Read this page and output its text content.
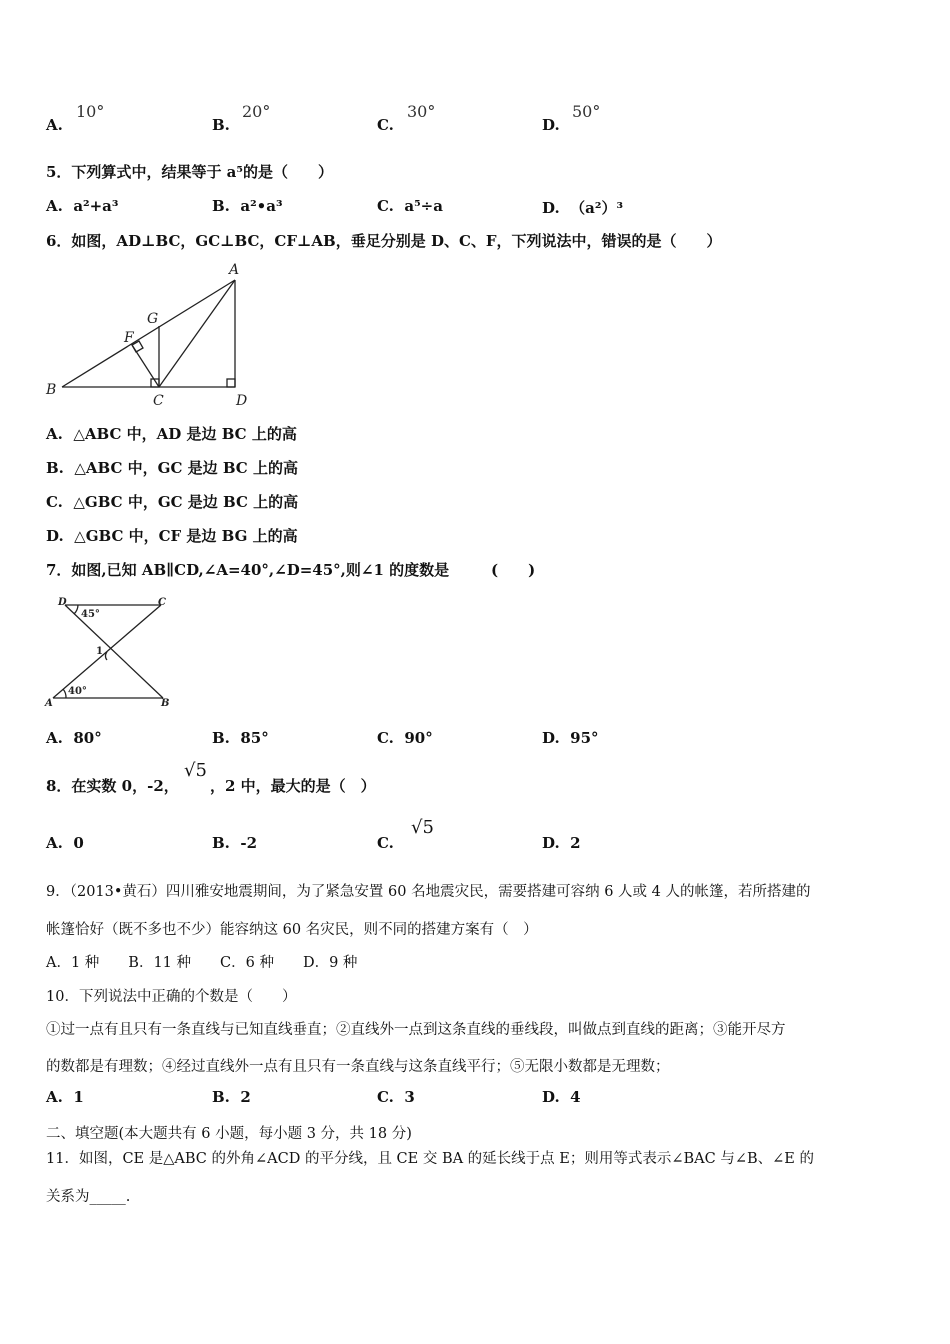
A.
10°
B.
20°
C.
30°
D.
50°
5．下列算式中，结果等于 a⁵的是（　　）
A. a²+a³	B. a²•a³	C. a⁵÷a	D. （a²）³
6．如图，AD⊥BC，GC⊥BC，CF⊥AB，垂足分别是 D、C、F，下列说法中，错误的是（　　）
A
B
C	D
F
G
A. △ABC 中，AD 是边 BC 上的高
B. △ABC 中，GC 是边 BC 上的高
C. △GBC 中，GC 是边 BC 上的高
D. △GBC 中，CF 是边 BG 上的高
7．如图,已知 AB∥CD,∠A=40°,∠D=45°,则∠1 的度数是	(　　)
D	C
A	B
45°
40°
1
A. 80°	B. 85°	C. 90°	D. 95°
8．在实数 0，-2，
√5
，2 中，最大的是（　）
A. 0	B. -2	C.
√5
D. 2
9．（2013•黄石）四川雅安地震期间，为了紧急安置 60 名地震灾民，需要搭建可容纳 6 人或 4 人的帐篷，若所搭建的
帐篷恰好（既不多也不少）能容纳这 60 名灾民，则不同的搭建方案有（　）
A．1 种　　B．11 种　　C．6 种　　D．9 种
10．下列说法中正确的个数是（　　）
①过一点有且只有一条直线与已知直线垂直；②直线外一点到这条直线的垂线段，叫做点到直线的距离；③能开尽方
的数都是有理数；④经过直线外一点有且只有一条直线与这条直线平行；⑤无限小数都是无理数；
A. 1	B. 2	C. 3	D. 4
二、填空题(本大题共有 6 小题，每小题 3 分，共 18 分)
11．如图，CE 是△ABC 的外角∠ACD 的平分线，且 CE 交 BA 的延长线于点 E；则用等式表示∠BAC 与∠B、∠E 的
关系为_____.
